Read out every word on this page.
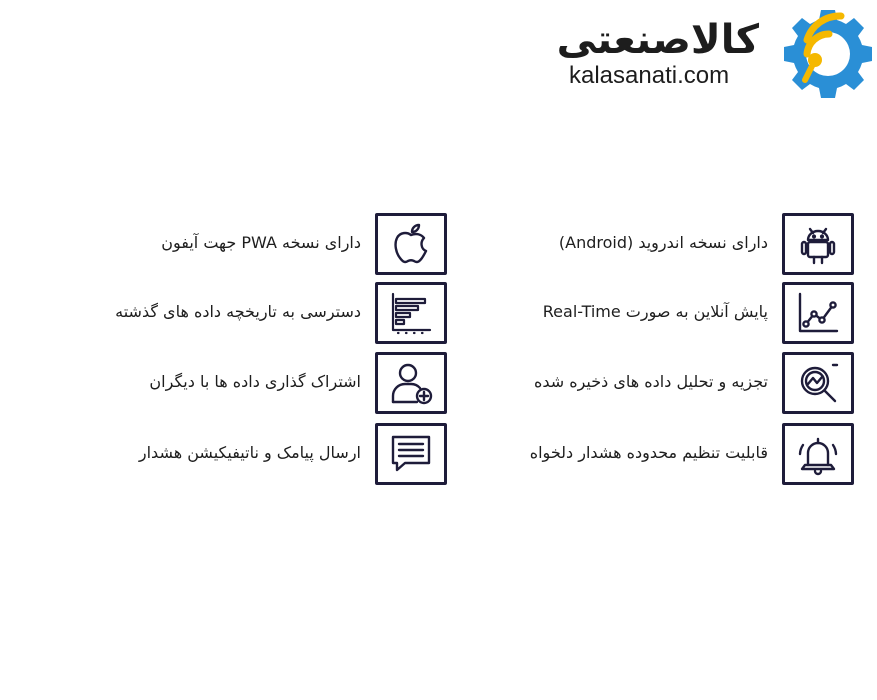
کالاصنعتی
kalasanati.com
دارای نسخه اندروید (Android)
پایش آنلاین به صورت Real-Time
تجزیه و تحلیل داده های ذخیره شده
قابلیت تنظیم محدوده هشدار دلخواه
دارای نسخه PWA جهت آیفون
دسترسی به تاریخچه داده های گذشته
اشتراک گذاری داده ها با دیگران
ارسال پیامک و ناتیفیکیشن هشدار
